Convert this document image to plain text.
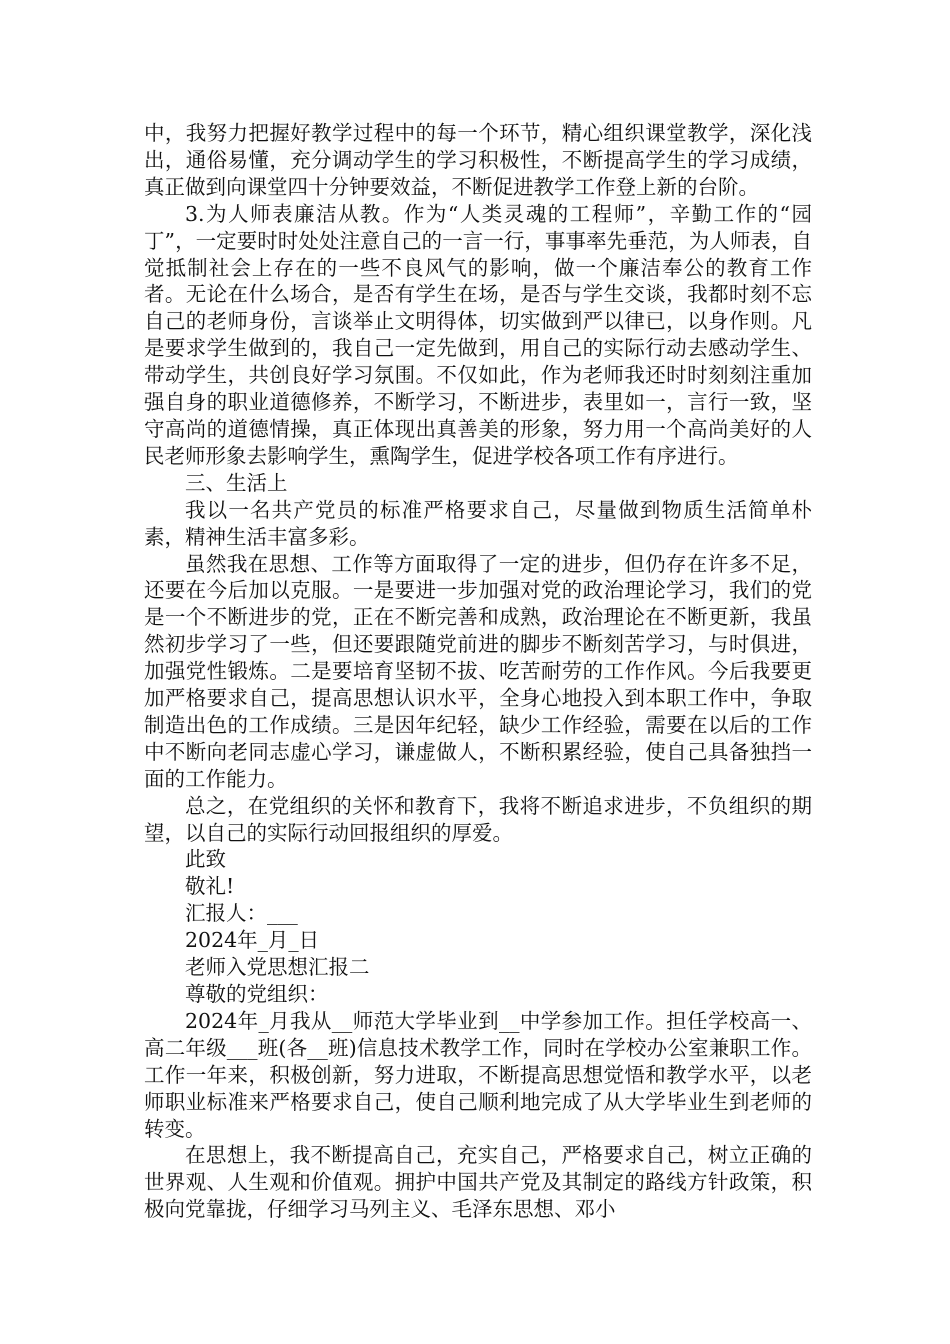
中，我努力把握好教学过程中的每一个环节，精心组织课堂教学，深化浅出，通俗易懂，充分调动学生的学习积极性，不断提高学生的学习成绩，真正做到向课堂四十分钟要效益，不断促进教学工作登上新的台阶。

3.为人师表廉洁从教。作为“人类灵魂的工程师”，辛勤工作的“园丁”，一定要时时处处注意自己的一言一行，事事率先垂范，为人师表，自觉抵制社会上存在的一些不良风气的影响，做一个廉洁奉公的教育工作者。无论在什么场合，是否有学生在场，是否与学生交谈，我都时刻不忘自己的老师身份，言谈举止文明得体，切实做到严以律已，以身作则。凡是要求学生做到的，我自己一定先做到，用自己的实际行动去感动学生、带动学生，共创良好学习氛围。不仅如此，作为老师我还时时刻刻注重加强自身的职业道德修养，不断学习，不断进步，表里如一，言行一致，坚守高尚的道德情操，真正体现出真善美的形象，努力用一个高尚美好的人民老师形象去影响学生，熏陶学生，促进学校各项工作有序进行。

三、生活上

我以一名共产党员的标准严格要求自己，尽量做到物质生活简单朴素，精神生活丰富多彩。

虽然我在思想、工作等方面取得了一定的进步，但仍存在许多不足，还要在今后加以克服。一是要进一步加强对党的政治理论学习，我们的党是一个不断进步的党，正在不断完善和成熟，政治理论在不断更新，我虽然初步学习了一些，但还要跟随党前进的脚步不断刻苦学习，与时俱进，加强党性锻炼。二是要培育坚韧不拔、吃苦耐劳的工作作风。今后我要更加严格要求自己，提高思想认识水平，全身心地投入到本职工作中，争取制造出色的工作成绩。三是因年纪轻，缺少工作经验，需要在以后的工作中不断向老同志虚心学习，谦虚做人，不断积累经验，使自己具备独挡一面的工作能力。

总之，在党组织的关怀和教育下，我将不断追求进步，不负组织的期望，以自己的实际行动回报组织的厚爱。

此致

敬礼!

汇报人：___

2024年_月_日

老师入党思想汇报二

尊敬的党组织：

2024年_月我从__师范大学毕业到__中学参加工作。担任学校高一、高二年级___班(各__班)信息技术教学工作，同时在学校办公室兼职工作。工作一年来，积极创新，努力进取，不断提高思想觉悟和教学水平，以老师职业标准来严格要求自己，使自己顺利地完成了从大学毕业生到老师的转变。

在思想上，我不断提高自己，充实自己，严格要求自己，树立正确的世界观、人生观和价值观。拥护中国共产党及其制定的路线方针政策，积极向党靠拢，仔细学习马列主义、毛泽东思想、邓小
